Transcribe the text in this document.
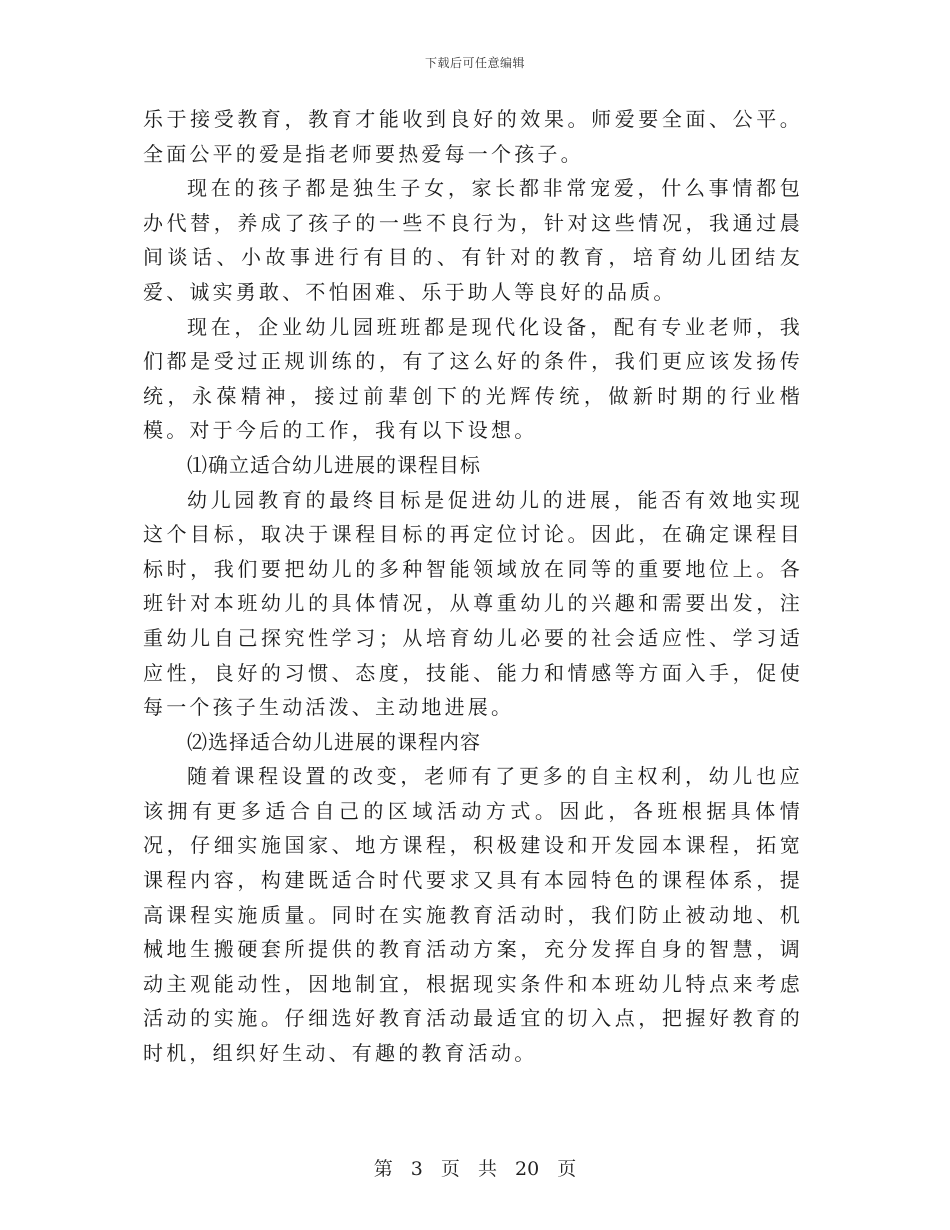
下载后可任意编辑

乐于接受教育，教育才能收到良好的效果。师爱要全面、公平。全面公平的爱是指老师要热爱每一个孩子。

现在的孩子都是独生子女，家长都非常宠爱，什么事情都包办代替，养成了孩子的一些不良行为，针对这些情况，我通过晨间谈话、小故事进行有目的、有针对的教育，培育幼儿团结友爱、诚实勇敢、不怕困难、乐于助人等良好的品质。

现在，企业幼儿园班班都是现代化设备，配有专业老师，我们都是受过正规训练的，有了这么好的条件，我们更应该发扬传统，永葆精神，接过前辈创下的光辉传统，做新时期的行业楷模。对于今后的工作，我有以下设想。

⑴确立适合幼儿进展的课程目标

幼儿园教育的最终目标是促进幼儿的进展，能否有效地实现这个目标，取决于课程目标的再定位讨论。因此，在确定课程目标时，我们要把幼儿的多种智能领域放在同等的重要地位上。各班针对本班幼儿的具体情况，从尊重幼儿的兴趣和需要出发，注重幼儿自己探究性学习；从培育幼儿必要的社会适应性、学习适应性，良好的习惯、态度，技能、能力和情感等方面入手，促使每一个孩子生动活泼、主动地进展。

⑵选择适合幼儿进展的课程内容

随着课程设置的改变，老师有了更多的自主权利，幼儿也应该拥有更多适合自己的区域活动方式。因此，各班根据具体情况，仔细实施国家、地方课程，积极建设和开发园本课程，拓宽课程内容，构建既适合时代要求又具有本园特色的课程体系，提高课程实施质量。同时在实施教育活动时，我们防止被动地、机械地生搬硬套所提供的教育活动方案，充分发挥自身的智慧，调动主观能动性，因地制宜，根据现实条件和本班幼儿特点来考虑活动的实施。仔细选好教育活动最适宜的切入点，把握好教育的时机，组织好生动、有趣的教育活动。

第 3 页 共 20 页
